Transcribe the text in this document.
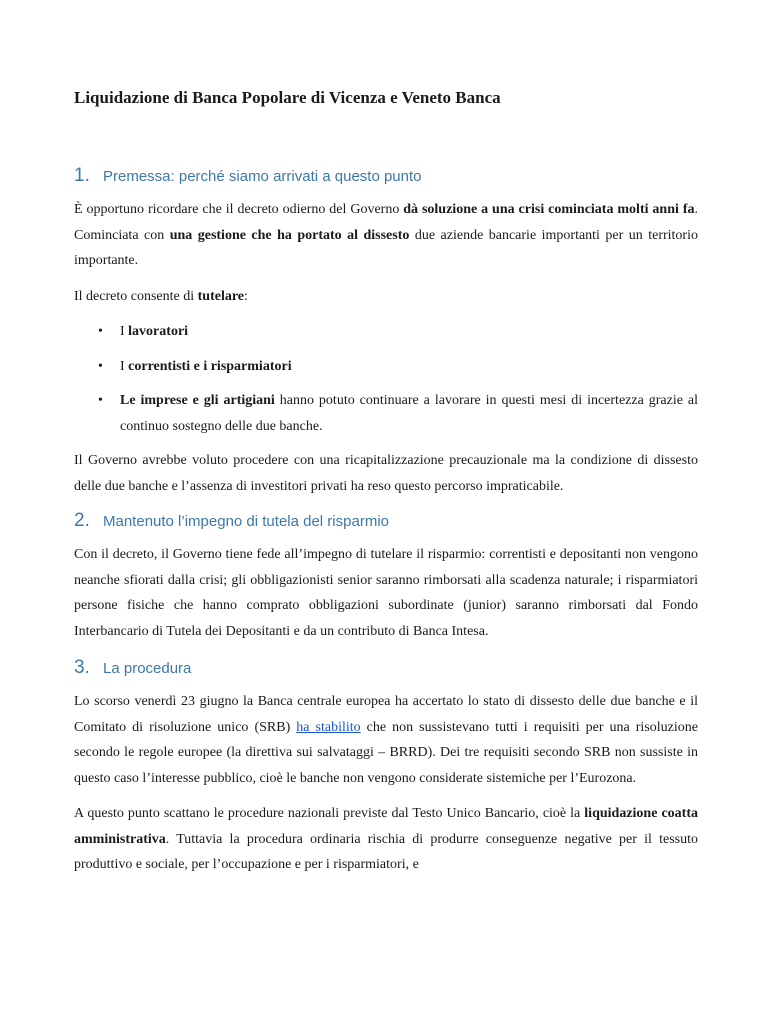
Liquidazione di Banca Popolare di Vicenza e Veneto Banca
1. Premessa: perché siamo arrivati a questo punto

È opportuno ricordare che il decreto odierno del Governo dà soluzione a una crisi cominciata molti anni fa. Cominciata con una gestione che ha portato al dissesto due aziende bancarie importanti per un territorio importante.

Il decreto consente di tutelare:

• I lavoratori
• I correntisti e i risparmiatori
• Le imprese e gli artigiani hanno potuto continuare a lavorare in questi mesi di incertezza grazie al continuo sostegno delle due banche.

Il Governo avrebbe voluto procedere con una ricapitalizzazione precauzionale ma la condizione di dissesto delle due banche e l’assenza di investitori privati ha reso questo percorso impraticabile.

2. Mantenuto l’impegno di tutela del risparmio

Con il decreto, il Governo tiene fede all’impegno di tutelare il risparmio: correntisti e depositanti non vengono neanche sfiorati dalla crisi; gli obbligazionisti senior saranno rimborsati alla scadenza naturale; i risparmiatori persone fisiche che hanno comprato obbligazioni subordinate (junior) saranno rimborsati dal Fondo Interbancario di Tutela dei Depositanti e da un contributo di Banca Intesa.

3. La procedura

Lo scorso venerdì 23 giugno la Banca centrale europea ha accertato lo stato di dissesto delle due banche e il Comitato di risoluzione unico (SRB) ha stabilito che non sussistevano tutti i requisiti per una risoluzione secondo le regole europee (la direttiva sui salvataggi – BRRD). Dei tre requisiti secondo SRB non sussiste in questo caso l’interesse pubblico, cioè le banche non vengono considerate sistemiche per l’Eurozona.

A questo punto scattano le procedure nazionali previste dal Testo Unico Bancario, cioè la liquidazione coatta amministrativa. Tuttavia la procedura ordinaria rischia di produrre conseguenze negative per il tessuto produttivo e sociale, per l’occupazione e per i risparmiatori, e
